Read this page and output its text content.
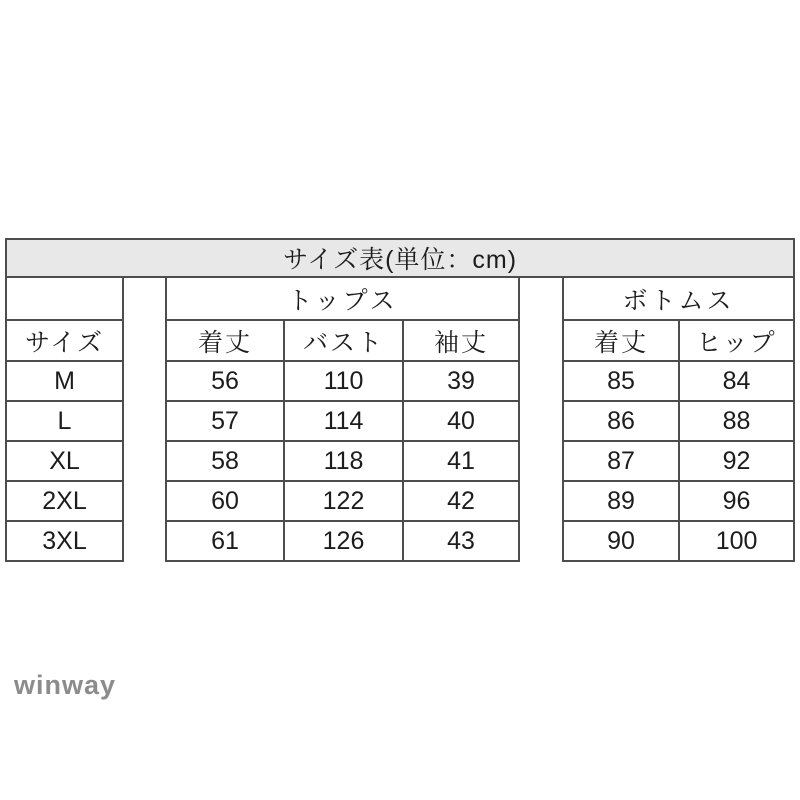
サイズ表(単位：cm)							
		トップス				ボトムス	
サイズ		着丈	バスト	袖丈		着丈	ヒップ
M		56	110	39		85	84
L		57	114	40		86	88
XL		58	118	41		87	92
2XL		60	122	42		89	96
3XL		61	126	43		90	100
winway
